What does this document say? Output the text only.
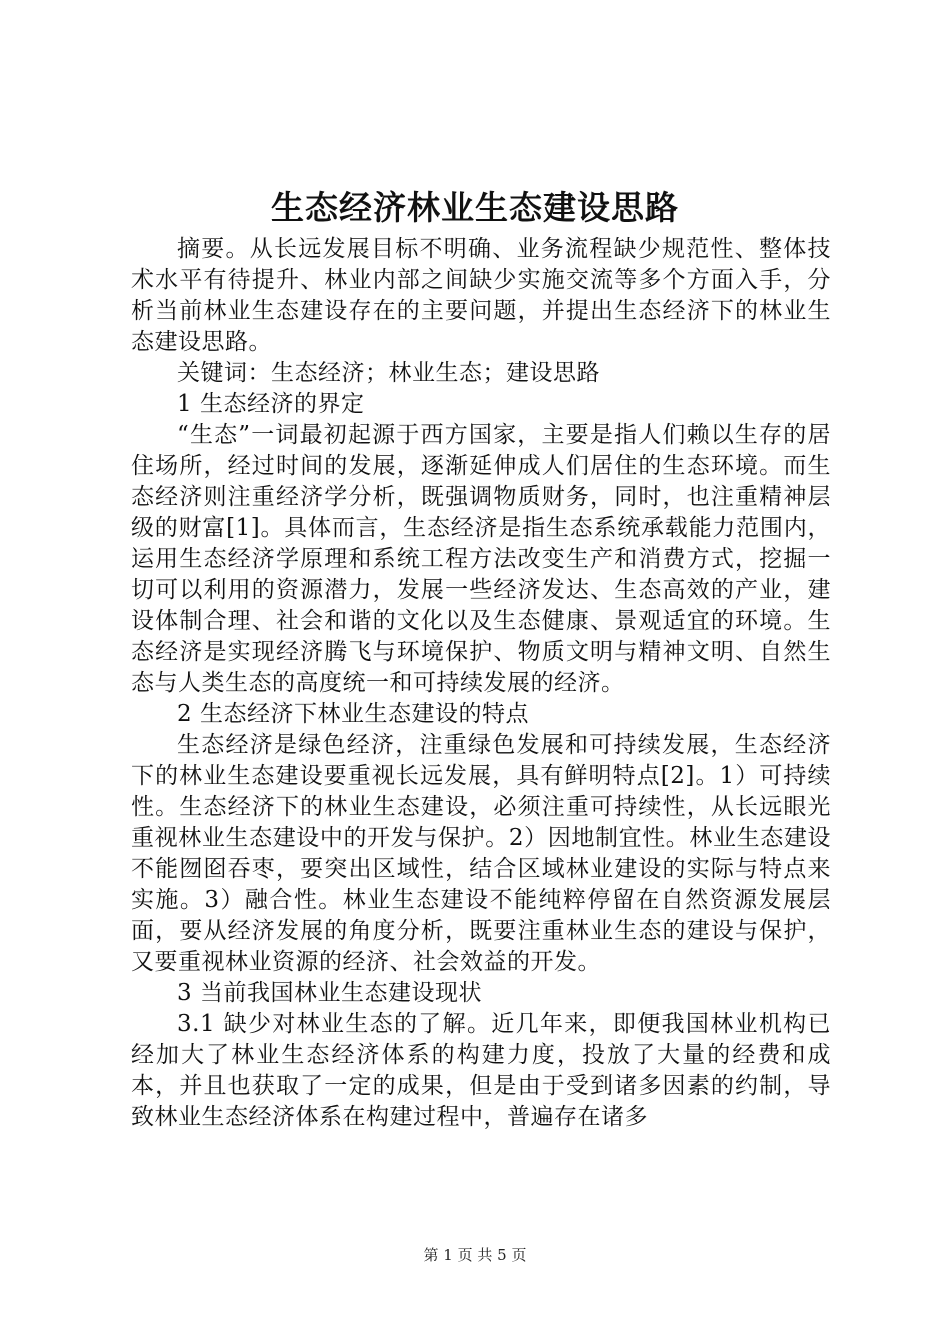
生态经济林业生态建设思路

摘要。从长远发展目标不明确、业务流程缺少规范性、整体技术水平有待提升、林业内部之间缺少实施交流等多个方面入手，分析当前林业生态建设存在的主要问题，并提出生态经济下的林业生态建设思路。

关键词：生态经济；林业生态；建设思路

1 生态经济的界定

“生态”一词最初起源于西方国家，主要是指人们赖以生存的居住场所，经过时间的发展，逐渐延伸成人们居住的生态环境。而生态经济则注重经济学分析，既强调物质财务，同时，也注重精神层级的财富[1]。具体而言，生态经济是指生态系统承载能力范围内，运用生态经济学原理和系统工程方法改变生产和消费方式，挖掘一切可以利用的资源潜力，发展一些经济发达、生态高效的产业，建设体制合理、社会和谐的文化以及生态健康、景观适宜的环境。生态经济是实现经济腾飞与环境保护、物质文明与精神文明、自然生态与人类生态的高度统一和可持续发展的经济。

2 生态经济下林业生态建设的特点

生态经济是绿色经济，注重绿色发展和可持续发展，生态经济下的林业生态建设要重视长远发展，具有鲜明特点[2]。1）可持续性。生态经济下的林业生态建设，必须注重可持续性，从长远眼光重视林业生态建设中的开发与保护。2）因地制宜性。林业生态建设不能囫囵吞枣，要突出区域性，结合区域林业建设的实际与特点来实施。3）融合性。林业生态建设不能纯粹停留在自然资源发展层面，要从经济发展的角度分析，既要注重林业生态的建设与保护，又要重视林业资源的经济、社会效益的开发。

3 当前我国林业生态建设现状

3.1 缺少对林业生态的了解。近几年来，即便我国林业机构已经加大了林业生态经济体系的构建力度，投放了大量的经费和成本，并且也获取了一定的成果，但是由于受到诸多因素的约制，导致林业生态经济体系在构建过程中，普遍存在诸多

第 1 页 共 5 页
